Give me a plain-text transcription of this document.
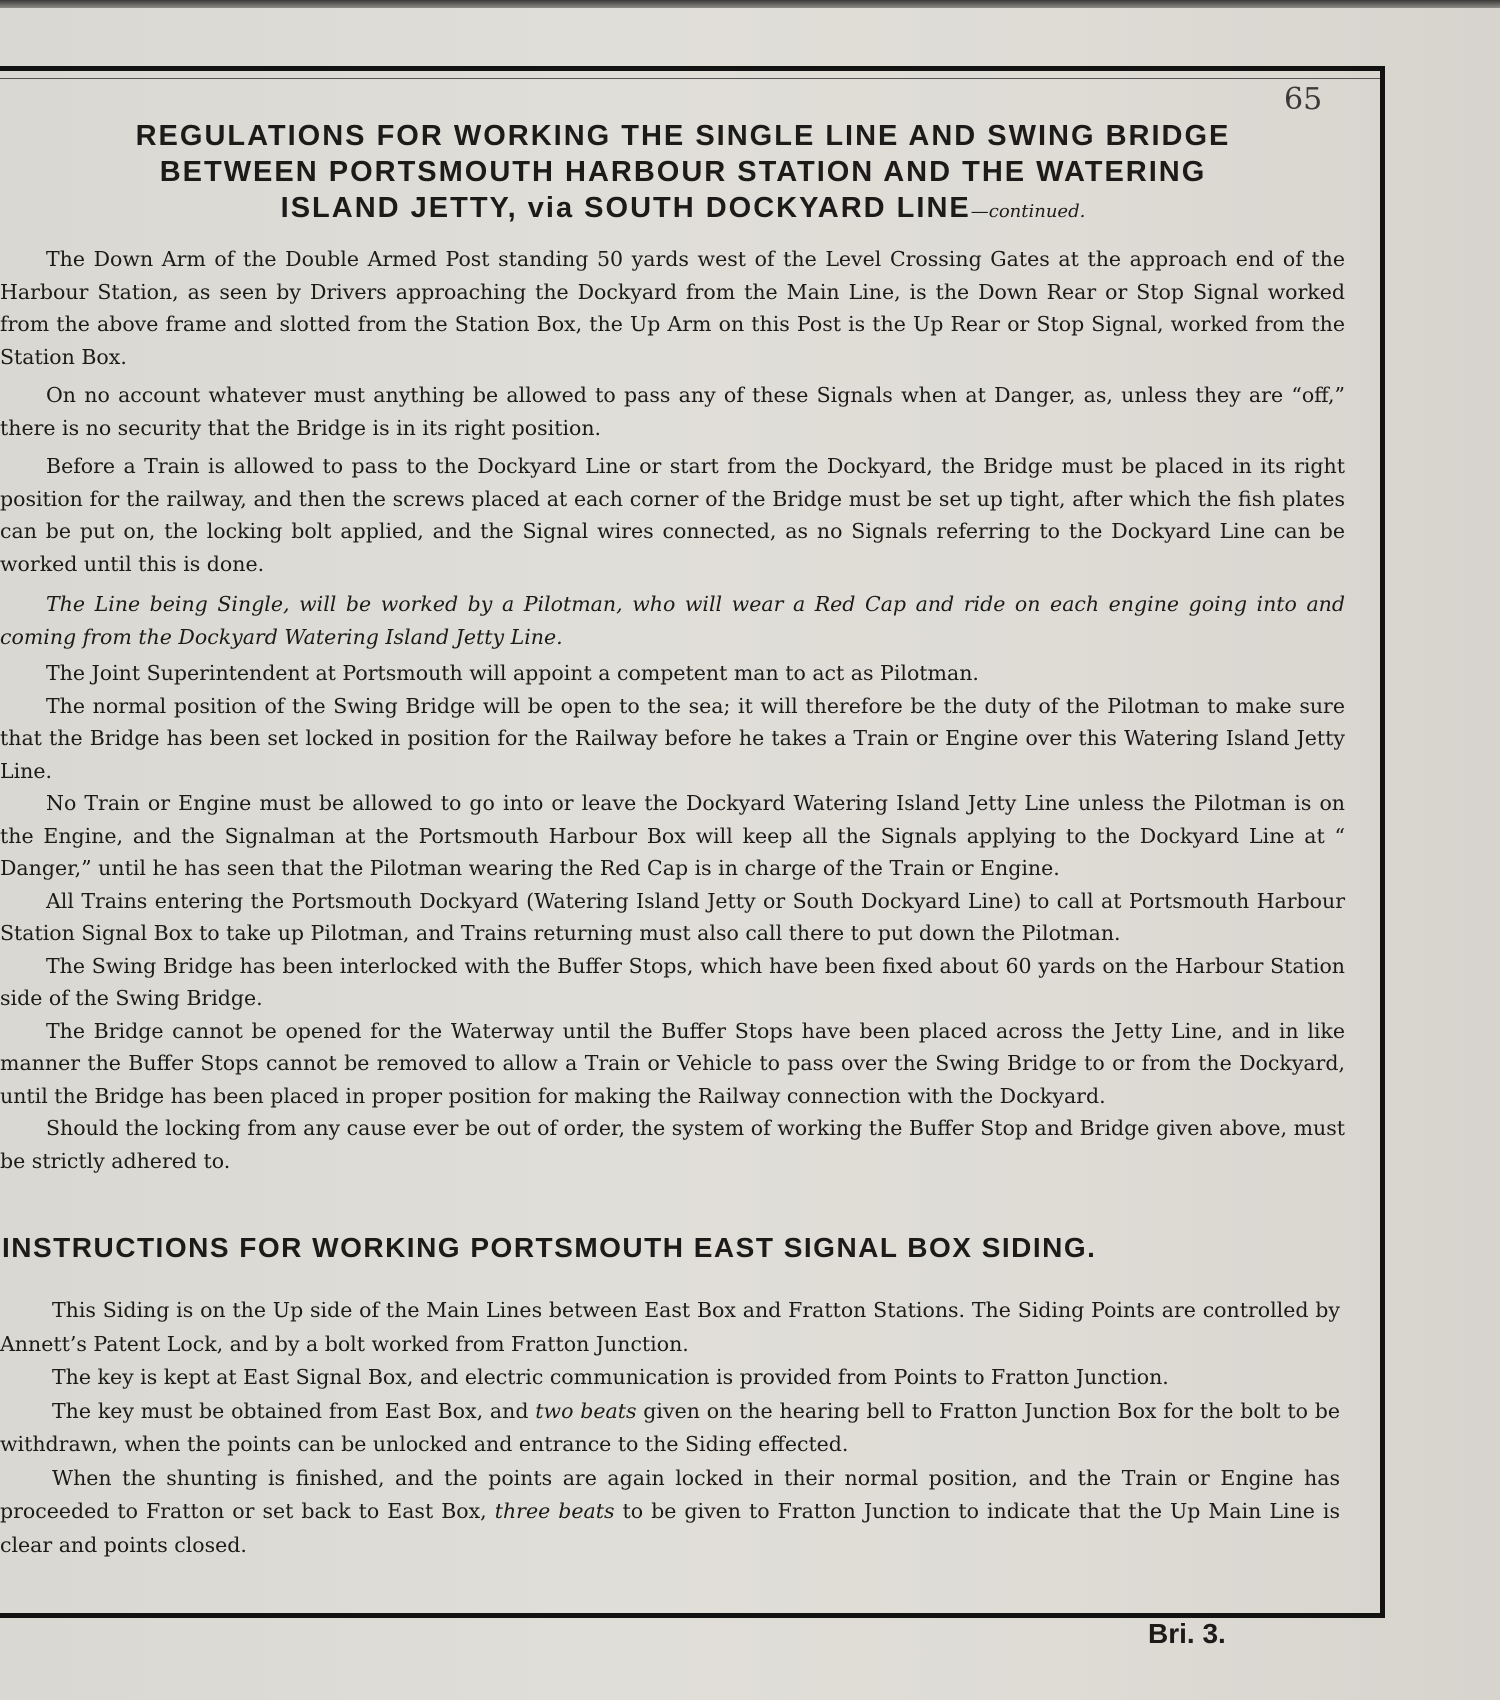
65
REGULATIONS FOR WORKING THE SINGLE LINE AND SWING BRIDGE
BETWEEN PORTSMOUTH HARBOUR STATION AND THE WATERING
ISLAND JETTY, via SOUTH DOCKYARD LINE—continued.

The Down Arm of the Double Armed Post standing 50 yards west of the Level Crossing Gates at the approach end of the Harbour Station, as seen by Drivers approaching the Dockyard from the Main Line, is the Down Rear or Stop Signal worked from the above frame and slotted from the Station Box, the Up Arm on this Post is the Up Rear or Stop Signal, worked from the Station Box.

On no account whatever must anything be allowed to pass any of these Signals when at Danger, as, unless they are “off,” there is no security that the Bridge is in its right position.

Before a Train is allowed to pass to the Dockyard Line or start from the Dockyard, the Bridge must be placed in its right position for the railway, and then the screws placed at each corner of the Bridge must be set up tight, after which the fish plates can be put on, the locking bolt applied, and the Signal wires connected, as no Signals referring to the Dockyard Line can be worked until this is done.

The Line being Single, will be worked by a Pilotman, who will wear a Red Cap and ride on each engine going into and coming from the Dockyard Watering Island Jetty Line.

The Joint Superintendent at Portsmouth will appoint a competent man to act as Pilotman.

The normal position of the Swing Bridge will be open to the sea; it will therefore be the duty of the Pilotman to make sure that the Bridge has been set locked in position for the Railway before he takes a Train or Engine over this Watering Island Jetty Line.

No Train or Engine must be allowed to go into or leave the Dockyard Watering Island Jetty Line unless the Pilotman is on the Engine, and the Signalman at the Portsmouth Harbour Box will keep all the Signals applying to the Dockyard Line at “ Danger,” until he has seen that the Pilotman wearing the Red Cap is in charge of the Train or Engine.

All Trains entering the Portsmouth Dockyard (Watering Island Jetty or South Dockyard Line) to call at Portsmouth Harbour Station Signal Box to take up Pilotman, and Trains returning must also call there to put down the Pilotman.

The Swing Bridge has been interlocked with the Buffer Stops, which have been fixed about 60 yards on the Harbour Station side of the Swing Bridge.

The Bridge cannot be opened for the Waterway until the Buffer Stops have been placed across the Jetty Line, and in like manner the Buffer Stops cannot be removed to allow a Train or Vehicle to pass over the Swing Bridge to or from the Dockyard, until the Bridge has been placed in proper position for making the Railway connection with the Dockyard.

Should the locking from any cause ever be out of order, the system of working the Buffer Stop and Bridge given above, must be strictly adhered to.

INSTRUCTIONS FOR WORKING PORTSMOUTH EAST SIGNAL BOX SIDING.

This Siding is on the Up side of the Main Lines between East Box and Fratton Stations. The Siding Points are controlled by Annett’s Patent Lock, and by a bolt worked from Fratton Junction.

The key is kept at East Signal Box, and electric communication is provided from Points to Fratton Junction.

The key must be obtained from East Box, and two beats given on the hearing bell to Fratton Junction Box for the bolt to be withdrawn, when the points can be unlocked and entrance to the Siding effected.

When the shunting is finished, and the points are again locked in their normal position, and the Train or Engine has proceeded to Fratton or set back to East Box, three beats to be given to Fratton Junction to indicate that the Up Main Line is clear and points closed.

Bri. 3.
